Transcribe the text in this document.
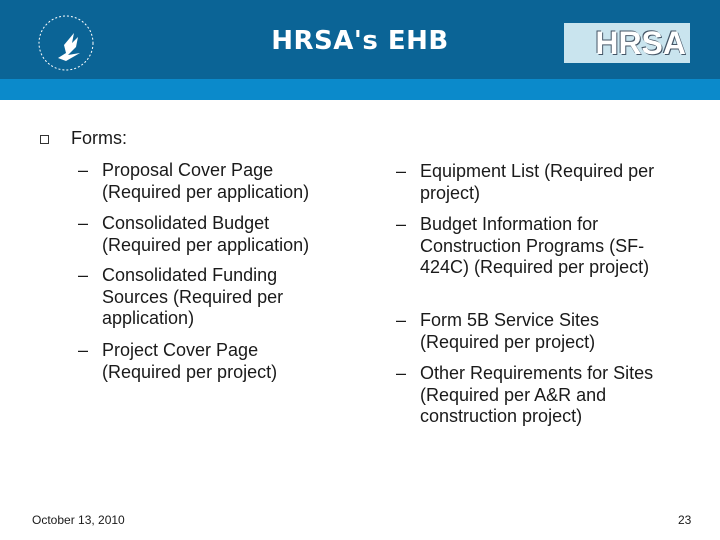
HRSA's EHB	HRSA
Forms:
– Proposal Cover Page (Required per application)
– Consolidated Budget (Required per application)
– Consolidated Funding Sources (Required per application)
– Project Cover Page (Required per project)
– Equipment List (Required per project)
– Budget Information for Construction Programs (SF-424C) (Required per project)
– Form 5B Service Sites (Required per project)
– Other Requirements for Sites (Required per A&R and construction project)
October 13, 2010	23
